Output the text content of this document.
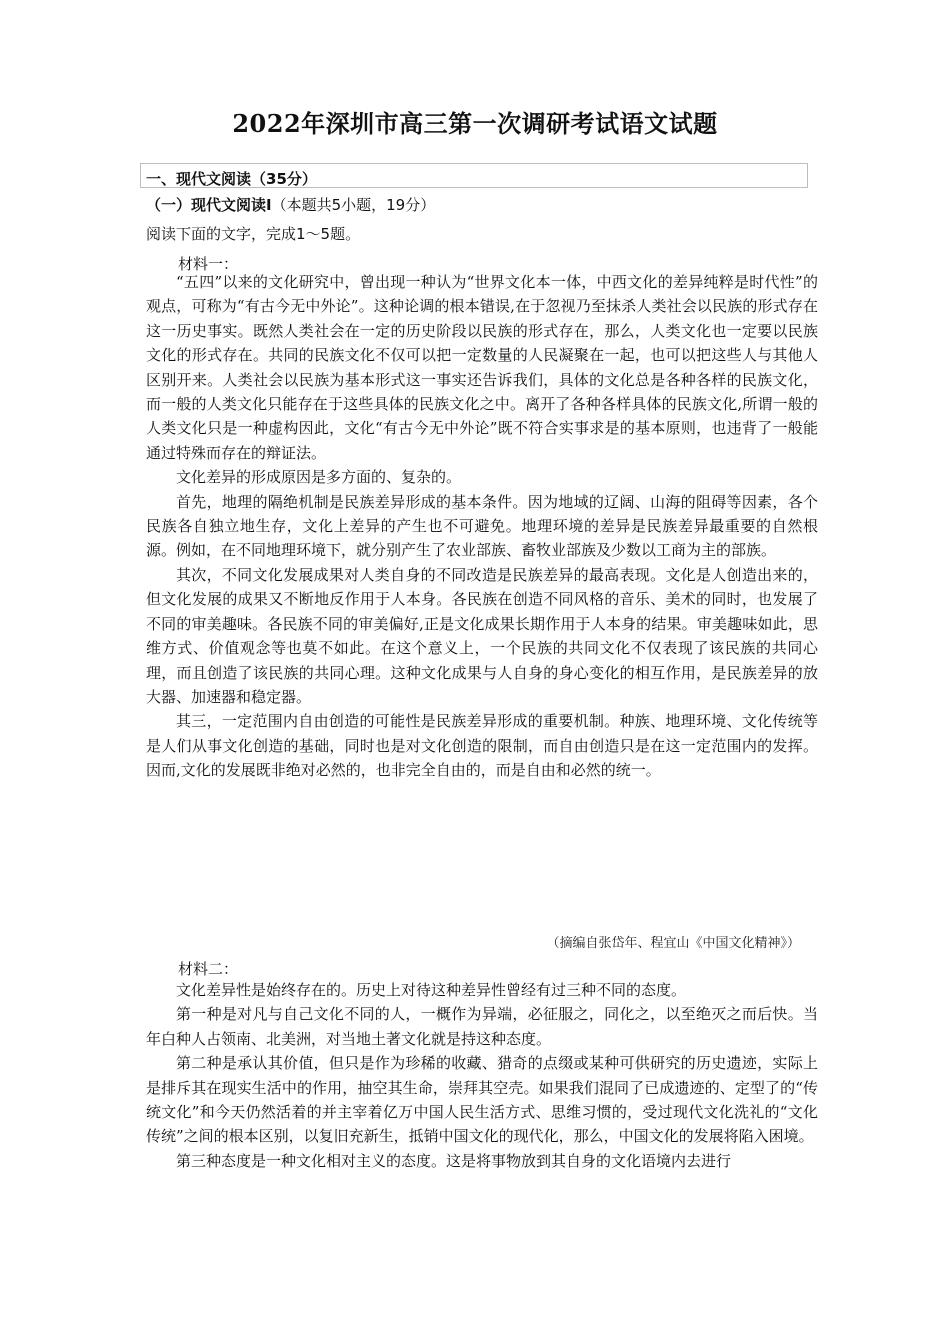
2022年深圳市高三第一次调研考试语文试题
一、现代文阅读（35分）
（一）现代文阅读Ⅰ（本题共5小题，19分）
阅读下面的文字，完成1～5题。
材料一：

“五四”以来的文化研究中，曾出现一种认为“世界文化本一体，中西文化的差异纯粹是时代性”的观点，可称为“有古今无中外论”。这种论调的根本错误,在于忽视乃至抹杀人类社会以民族的形式存在这一历史事实。既然人类社会在一定的历史阶段以民族的形式存在，那么，人类文化也一定要以民族文化的形式存在。共同的民族文化不仅可以把一定数量的人民凝聚在一起，也可以把这些人与其他人区别开来。人类社会以民族为基本形式这一事实还告诉我们，具体的文化总是各种各样的民族文化，而一般的人类文化只能存在于这些具体的民族文化之中。离开了各种各样具体的民族文化,所谓一般的人类文化只是一种虚构因此，文化“有古今无中外论”既不符合实事求是的基本原则，也违背了一般能通过特殊而存在的辩证法。

文化差异的形成原因是多方面的、复杂的。

首先，地理的隔绝机制是民族差异形成的基本条件。因为地域的辽阔、山海的阻碍等因素，各个民族各自独立地生存，文化上差异的产生也不可避免。地理环境的差异是民族差异最重要的自然根源。例如，在不同地理环境下，就分别产生了农业部族、畜牧业部族及少数以工商为主的部族。

其次，不同文化发展成果对人类自身的不同改造是民族差异的最高表现。文化是人创造出来的，但文化发展的成果又不断地反作用于人本身。各民族在创造不同风格的音乐、美术的同时，也发展了不同的审美趣味。各民族不同的审美偏好,正是文化成果长期作用于人本身的结果。审美趣味如此，思维方式、价值观念等也莫不如此。在这个意义上，一个民族的共同文化不仅表现了该民族的共同心理，而且创造了该民族的共同心理。这种文化成果与人自身的身心变化的相互作用，是民族差异的放大器、加速器和稳定器。

其三，一定范围内自由创造的可能性是民族差异形成的重要机制。种族、地理环境、文化传统等是人们从事文化创造的基础，同时也是对文化创造的限制，而自由创造只是在这一定范围内的发挥。因而,文化的发展既非绝对必然的，也非完全自由的，而是自由和必然的统一。

（摘编自张岱年、程宜山《中国文化精神》）
材料二：

文化差异性是始终存在的。历史上对待这种差异性曾经有过三种不同的态度。

第一种是对凡与自己文化不同的人，一概作为异端，必征服之，同化之，以至绝灭之而后快。当年白种人占领南、北美洲，对当地土著文化就是持这种态度。

第二种是承认其价值，但只是作为珍稀的收藏、猎奇的点缀或某种可供研究的历史遗迹，实际上是排斥其在现实生活中的作用，抽空其生命，崇拜其空壳。如果我们混同了已成遗迹的、定型了的“传统文化”和今天仍然活着的并主宰着亿万中国人民生活方式、思维习惯的，受过现代文化洗礼的“文化传统”之间的根本区别，以复旧充新生，抵销中国文化的现代化，那么，中国文化的发展将陷入困境。

第三种态度是一种文化相对主义的态度。这是将事物放到其自身的文化语境内去进行
